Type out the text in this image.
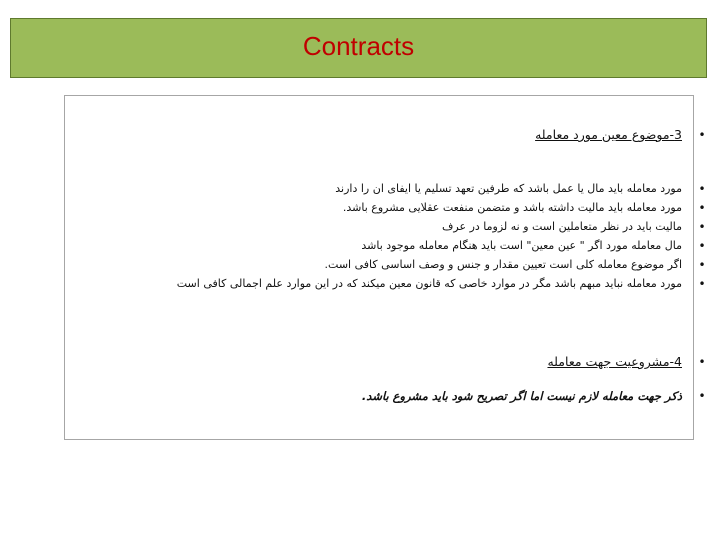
Contracts
•
3-موضوع معین مورد معامله
•
مورد معامله باید مال یا عمل باشد که طرفین تعهد تسلیم یا ایفای ان را دارند
•
مورد معامله باید مالیت داشته باشد و متضمن منفعت عقلایی مشروع باشد.
•
مالیت باید در نظر متعاملین است و نه لزوما در عرف
•
مال معامله مورد اگر " عین معین" است باید هنگام معامله موجود باشد
•
اگر موضوع معامله کلی است تعیین مقدار و جنس و وصف اساسی کافی است.
•
مورد معامله نباید مبهم باشد مگر در موارد خاصی که قانون معین میکند که در این موارد علم اجمالی کافی است
•
4-مشروعیت جهت معامله
•
ذکر جهت معامله لازم نیست اما اگر تصریح شود باید مشروع باشد.
